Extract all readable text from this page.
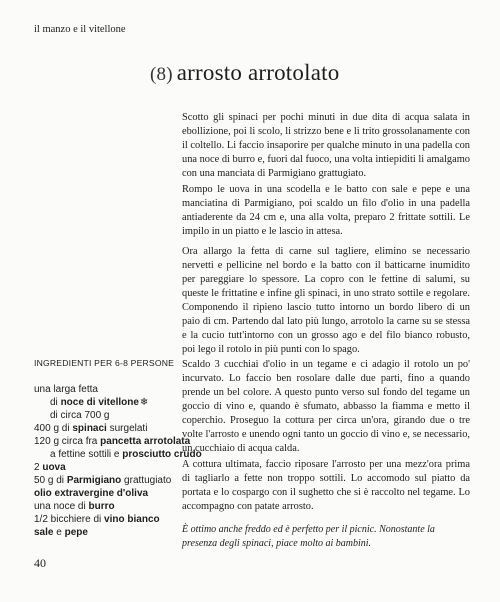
il manzo e il vitellone
(8) arrosto arrotolato
Scotto gli spinaci per pochi minuti in due dita di acqua salata in ebollizione, poi li scolo, li strizzo bene e li trito grossolanamente con il coltello. Li faccio insaporire per qualche minuto in una padella con una noce di burro e, fuori dal fuoco, una volta intiepiditi li amalgamo con una manciata di Parmigiano grattugiato.
Rompo le uova in una scodella e le batto con sale e pepe e una manciatina di Parmigiano, poi scaldo un filo d'olio in una padella antiaderente da 24 cm e, una alla volta, preparo 2 frittate sottili. Le impilo in un piatto e le lascio in attesa.
Ora allargo la fetta di carne sul tagliere, elimino se necessario nervetti e pellicine nel bordo e la batto con il batticarne inumidito per pareggiare lo spessore. La copro con le fettine di salumi, su queste le frittatine e infine gli spinaci, in uno strato sottile e regolare. Componendo il ripieno lascio tutto intorno un bordo libero di un paio di cm. Partendo dal lato più lungo, arrotolo la carne su se stessa e la cucio tutt'intorno con un grosso ago e del filo bianco robusto, poi lego il rotolo in più punti con lo spago.
Scaldo 3 cucchiai d'olio in un tegame e ci adagio il rotolo un po' incurvato. Lo faccio ben rosolare dalle due parti, fino a quando prende un bel colore. A questo punto verso sul fondo del tegame un goccio di vino e, quando è sfumato, abbasso la fiamma e metto il coperchio. Proseguo la cottura per circa un'ora, girando due o tre volte l'arrosto e unendo ogni tanto un goccio di vino e, se necessario, un cucchiaio di acqua calda.
A cottura ultimata, faccio riposare l'arrosto per una mezz'ora prima di tagliarlo a fette non troppo sottili. Lo accomodo sul piatto da portata e lo cospargo con il sughetto che si è raccolto nel tegame. Lo accompagno con patate arrosto.
È ottimo anche freddo ed è perfetto per il picnic. Nonostante la presenza degli spinaci, piace molto ai bambini.
INGREDIENTI PER 6-8 PERSONE
una larga fetta
di noce di vitellone❄
di circa 700 g
400 g di spinaci surgelati
120 g circa fra pancetta arrotolata
a fettine sottili e prosciutto crudo
2 uova
50 g di Parmigiano grattugiato
olio extravergine d'oliva
una noce di burro
1/2 bicchiere di vino bianco
sale e pepe
40
